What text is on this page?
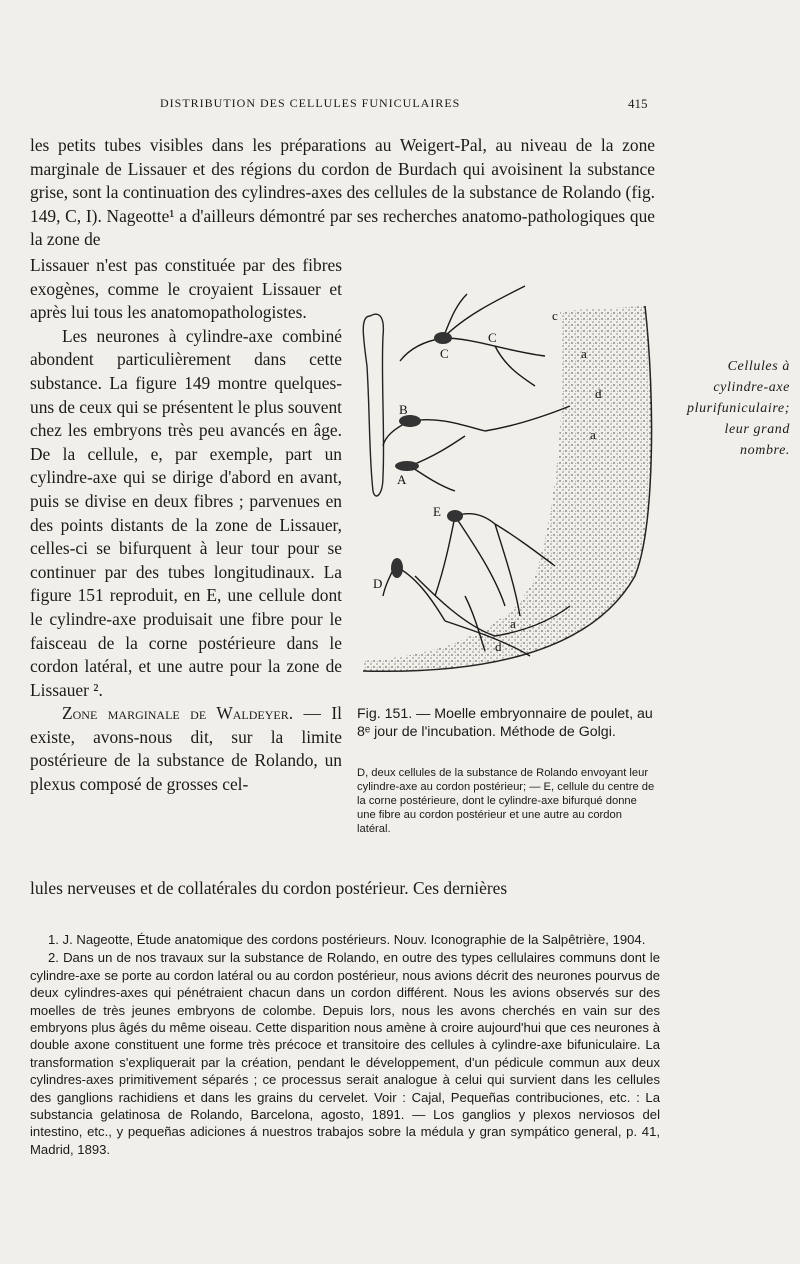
DISTRIBUTION DES CELLULES FUNICULAIRES	415

les petits tubes visibles dans les préparations au Weigert-Pal, au niveau de la zone marginale de Lissauer et des régions du cordon de Burdach qui avoisinent la substance grise, sont la continuation des cylindres-axes des cellules de la substance de Rolando (fig. 149, C, I). Nageotte¹ a d'ailleurs démontré par ses recherches anatomo-pathologiques que la zone de

Lissauer n'est pas constituée par des fibres exogènes, comme le croyaient Lissauer et après lui tous les anatomopathologistes.

Les neurones à cylindre-axe combiné abondent particulièrement dans cette substance. La figure 149 montre quelques-uns de ceux qui se présentent le plus souvent chez les embryons très peu avancés en âge. De la cellule, e, par exemple, part un cylindre-axe qui se dirige d'abord en avant, puis se divise en deux fibres ; parvenues en des points distants de la zone de Lissauer, celles-ci se bifurquent à leur tour pour se continuer par des tubes longitudinaux. La figure 151 reproduit, en E, une cellule dont le cylindre-axe produisait une fibre pour le faisceau de la corne postérieure dans le cordon latéral, et une autre pour la zone de Lissauer ².

Zone marginale de Waldeyer. — Il existe, avons-nous dit, sur la limite postérieure de la substance de Rolando, un plexus composé de grosses cel-

lules nerveuses et de collatérales du cordon postérieur. Ces dernières

Cellules à cylindre-axe plurifuniculaire; leur grand nombre.
C
C
B
A
E
D
d
d
a
a
c
a
Fig. 151. — Moelle embryonnaire de poulet, au 8ᵉ jour de l'incubation. Méthode de Golgi.
D, deux cellules de la substance de Rolando envoyant leur cylindre-axe au cordon postérieur; — E, cellule du centre de la corne postérieure, dont le cylindre-axe bifurqué donne une fibre au cordon postérieur et une autre au cordon latéral.

1. J. Nageotte, Étude anatomique des cordons postérieurs. Nouv. Iconographie de la Salpêtrière, 1904.

2. Dans un de nos travaux sur la substance de Rolando, en outre des types cellulaires communs dont le cylindre-axe se porte au cordon latéral ou au cordon postérieur, nous avions décrit des neurones pourvus de deux cylindres-axes qui pénétraient chacun dans un cordon différent. Nous les avions observés sur des moelles de très jeunes embryons de colombe. Depuis lors, nous les avons cherchés en vain sur des embryons plus âgés du même oiseau. Cette disparition nous amène à croire aujourd'hui que ces neurones à double axone constituent une forme très précoce et transitoire des cellules à cylindre-axe bifuniculaire. La transformation s'expliquerait par la création, pendant le développement, d'un pédicule commun aux deux cylindres-axes primitivement séparés ; ce processus serait analogue à celui qui survient dans les cellules des ganglions rachidiens et dans les grains du cervelet. Voir : Cajal, Pequeñas contribuciones, etc. : La substancia gelatinosa de Rolando, Barcelona, agosto, 1891. — Los ganglios y plexos nerviosos del intestino, etc., y pequeñas adiciones á nuestros trabajos sobre la médula y gran sympático general, p. 41, Madrid, 1893.
